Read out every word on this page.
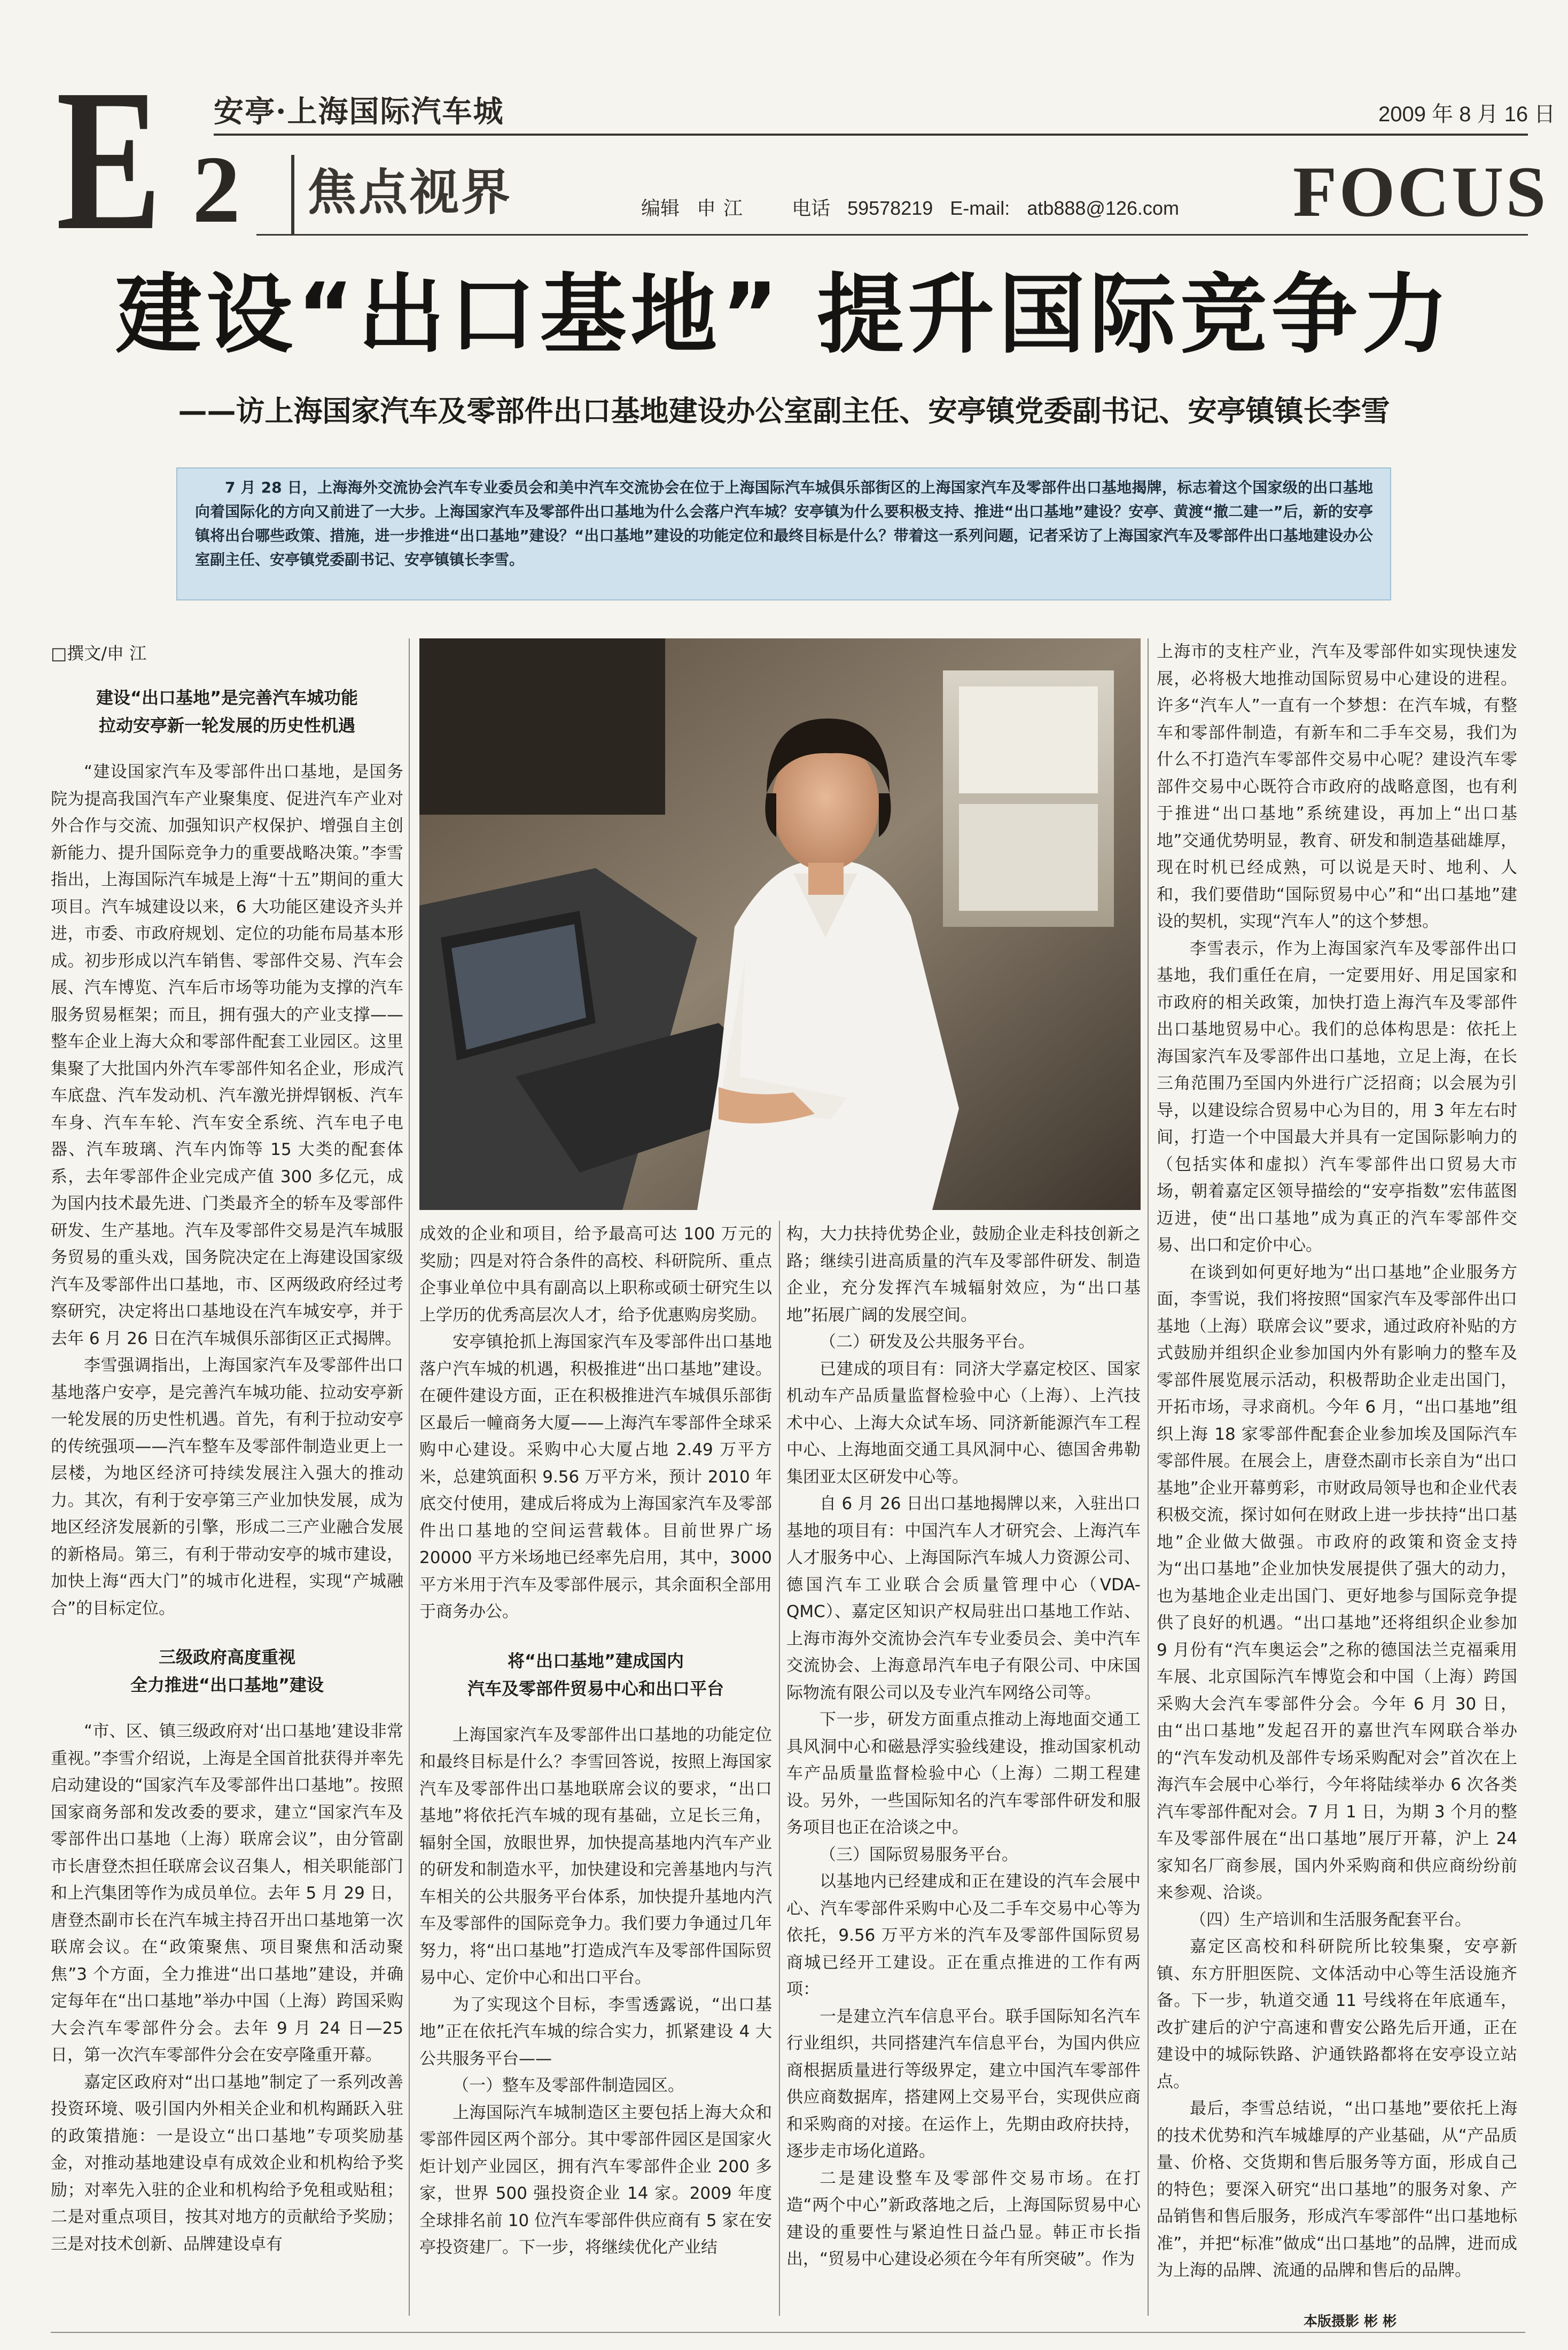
E 2
安亭·上海国际汽车城	2009 年 8 月 16 日
焦点视界	编辑 申 江	电话 59578219 E-mail: atb888@126.com FOCUS
建设“出口基地” 提升国际竞争力
——访上海国家汽车及零部件出口基地建设办公室副主任、安亭镇党委副书记、安亭镇镇长李雪
7 月 28 日，上海海外交流协会汽车专业委员会和美中汽车交流协会在位于上海国际汽车城俱乐部街区的上海国家汽车及零部件出口基地揭牌，标志着这个国家级的出口基地向着国际化的方向又前进了一大步。上海国家汽车及零部件出口基地为什么会落户汽车城？安亭镇为什么要积极支持、推进“出口基地”建设？安亭、黄渡“撤二建一”后，新的安亭镇将出台哪些政策、措施，进一步推进“出口基地”建设？“出口基地”建设的功能定位和最终目标是什么？带着这一系列问题，记者采访了上海国家汽车及零部件出口基地建设办公室副主任、安亭镇党委副书记、安亭镇镇长李雪。
□撰文/申 江
建设“出口基地”是完善汽车城功能
拉动安亭新一轮发展的历史性机遇

“建设国家汽车及零部件出口基地，是国务院为提高我国汽车产业聚集度、促进汽车产业对外合作与交流、加强知识产权保护、增强自主创新能力、提升国际竞争力的重要战略决策。”李雪指出，上海国际汽车城是上海“十五”期间的重大项目。汽车城建设以来，6 大功能区建设齐头并进，市委、市政府规划、定位的功能布局基本形成。初步形成以汽车销售、零部件交易、汽车会展、汽车博览、汽车后市场等功能为支撑的汽车服务贸易框架；而且，拥有强大的产业支撑——整车企业上海大众和零部件配套工业园区。这里集聚了大批国内外汽车零部件知名企业，形成汽车底盘、汽车发动机、汽车激光拼焊钢板、汽车车身、汽车车轮、汽车安全系统、汽车电子电器、汽车玻璃、汽车内饰等 15 大类的配套体系，去年零部件企业完成产值 300 多亿元，成为国内技术最先进、门类最齐全的轿车及零部件研发、生产基地。汽车及零部件交易是汽车城服务贸易的重头戏，国务院决定在上海建设国家级汽车及零部件出口基地，市、区两级政府经过考察研究，决定将出口基地设在汽车城安亭，并于去年 6 月 26 日在汽车城俱乐部街区正式揭牌。

李雪强调指出，上海国家汽车及零部件出口基地落户安亭，是完善汽车城功能、拉动安亭新一轮发展的历史性机遇。首先，有利于拉动安亭的传统强项——汽车整车及零部件制造业更上一层楼，为地区经济可持续发展注入强大的推动力。其次，有利于安亭第三产业加快发展，成为地区经济发展新的引擎，形成二三产业融合发展的新格局。第三，有利于带动安亭的城市建设，加快上海“西大门”的城市化进程，实现“产城融合”的目标定位。

三级政府高度重视
全力推进“出口基地”建设

“市、区、镇三级政府对‘出口基地’建设非常重视。”李雪介绍说，上海是全国首批获得并率先启动建设的“国家汽车及零部件出口基地”。按照国家商务部和发改委的要求，建立“国家汽车及零部件出口基地（上海）联席会议”，由分管副市长唐登杰担任联席会议召集人，相关职能部门和上汽集团等作为成员单位。去年 5 月 29 日，唐登杰副市长在汽车城主持召开出口基地第一次联席会议。在“政策聚焦、项目聚焦和活动聚焦”3 个方面，全力推进“出口基地”建设，并确定每年在“出口基地”举办中国（上海）跨国采购大会汽车零部件分会。去年 9 月 24 日—25 日，第一次汽车零部件分会在安亭隆重开幕。

嘉定区政府对“出口基地”制定了一系列改善投资环境、吸引国内外相关企业和机构踊跃入驻的政策措施：一是设立“出口基地”专项奖励基金，对推动基地建设卓有成效企业和机构给予奖励；对率先入驻的企业和机构给予免租或贴租；二是对重点项目，按其对地方的贡献给予奖励；三是对技术创新、品牌建设卓有

成效的企业和项目，给予最高可达 100 万元的奖励；四是对符合条件的高校、科研院所、重点企事业单位中具有副高以上职称或硕士研究生以上学历的优秀高层次人才，给予优惠购房奖励。

安亭镇抢抓上海国家汽车及零部件出口基地落户汽车城的机遇，积极推进“出口基地”建设。在硬件建设方面，正在积极推进汽车城俱乐部街区最后一幢商务大厦——上海汽车零部件全球采购中心建设。采购中心大厦占地 2.49 万平方米，总建筑面积 9.56 万平方米，预计 2010 年底交付使用，建成后将成为上海国家汽车及零部件出口基地的空间运营载体。目前世界广场 20000 平方米场地已经率先启用，其中，3000 平方米用于汽车及零部件展示，其余面积全部用于商务办公。

将“出口基地”建成国内
汽车及零部件贸易中心和出口平台

上海国家汽车及零部件出口基地的功能定位和最终目标是什么？李雪回答说，按照上海国家汽车及零部件出口基地联席会议的要求，“出口基地”将依托汽车城的现有基础，立足长三角，辐射全国，放眼世界，加快提高基地内汽车产业的研发和制造水平，加快建设和完善基地内与汽车相关的公共服务平台体系，加快提升基地内汽车及零部件的国际竞争力。我们要力争通过几年努力，将“出口基地”打造成汽车及零部件国际贸易中心、定价中心和出口平台。

为了实现这个目标，李雪透露说，“出口基地”正在依托汽车城的综合实力，抓紧建设 4 大公共服务平台——

（一）整车及零部件制造园区。

上海国际汽车城制造区主要包括上海大众和零部件园区两个部分。其中零部件园区是国家火炬计划产业园区，拥有汽车零部件企业 200 多家，世界 500 强投资企业 14 家。2009 年度全球排名前 10 位汽车零部件供应商有 5 家在安亭投资建厂。下一步，将继续优化产业结

构，大力扶持优势企业，鼓励企业走科技创新之路；继续引进高质量的汽车及零部件研发、制造企业，充分发挥汽车城辐射效应，为“出口基地”拓展广阔的发展空间。

（二）研发及公共服务平台。

已建成的项目有：同济大学嘉定校区、国家机动车产品质量监督检验中心（上海）、上汽技术中心、上海大众试车场、同济新能源汽车工程中心、上海地面交通工具风洞中心、德国舍弗勒集团亚太区研发中心等。

自 6 月 26 日出口基地揭牌以来，入驻出口基地的项目有：中国汽车人才研究会、上海汽车人才服务中心、上海国际汽车城人力资源公司、德国汽车工业联合会质量管理中心（VDA-QMC）、嘉定区知识产权局驻出口基地工作站、上海市海外交流协会汽车专业委员会、美中汽车交流协会、上海意昂汽车电子有限公司、中床国际物流有限公司以及专业汽车网络公司等。

下一步，研发方面重点推动上海地面交通工具风洞中心和磁悬浮实验线建设，推动国家机动车产品质量监督检验中心（上海）二期工程建设。另外，一些国际知名的汽车零部件研发和服务项目也正在洽谈之中。

（三）国际贸易服务平台。

以基地内已经建成和正在建设的汽车会展中心、汽车零部件采购中心及二手车交易中心等为依托，9.56 万平方米的汽车及零部件国际贸易商城已经开工建设。正在重点推进的工作有两项：

一是建立汽车信息平台。联手国际知名汽车行业组织，共同搭建汽车信息平台，为国内供应商根据质量进行等级界定，建立中国汽车零部件供应商数据库，搭建网上交易平台，实现供应商和采购商的对接。在运作上，先期由政府扶持，逐步走市场化道路。

二是建设整车及零部件交易市场。在打造“两个中心”新政落地之后，上海国际贸易中心建设的重要性与紧迫性日益凸显。韩正市长指出，“贸易中心建设必须在今年有所突破”。作为

上海市的支柱产业，汽车及零部件如实现快速发展，必将极大地推动国际贸易中心建设的进程。许多“汽车人”一直有一个梦想：在汽车城，有整车和零部件制造，有新车和二手车交易，我们为什么不打造汽车零部件交易中心呢？建设汽车零部件交易中心既符合市政府的战略意图，也有利于推进“出口基地”系统建设，再加上“出口基地”交通优势明显，教育、研发和制造基础雄厚，现在时机已经成熟，可以说是天时、地利、人和，我们要借助“国际贸易中心”和“出口基地”建设的契机，实现“汽车人”的这个梦想。

李雪表示，作为上海国家汽车及零部件出口基地，我们重任在肩，一定要用好、用足国家和市政府的相关政策，加快打造上海汽车及零部件出口基地贸易中心。我们的总体构思是：依托上海国家汽车及零部件出口基地，立足上海，在长三角范围乃至国内外进行广泛招商；以会展为引导，以建设综合贸易中心为目的，用 3 年左右时间，打造一个中国最大并具有一定国际影响力的（包括实体和虚拟）汽车零部件出口贸易大市场，朝着嘉定区领导描绘的“安亭指数”宏伟蓝图迈进，使“出口基地”成为真正的汽车零部件交易、出口和定价中心。

在谈到如何更好地为“出口基地”企业服务方面，李雪说，我们将按照“国家汽车及零部件出口基地（上海）联席会议”要求，通过政府补贴的方式鼓励并组织企业参加国内外有影响力的整车及零部件展览展示活动，积极帮助企业走出国门，开拓市场，寻求商机。今年 6 月，“出口基地”组织上海 18 家零部件配套企业参加埃及国际汽车零部件展。在展会上，唐登杰副市长亲自为“出口基地”企业开幕剪彩，市财政局领导也和企业代表积极交流，探讨如何在财政上进一步扶持“出口基地”企业做大做强。市政府的政策和资金支持为“出口基地”企业加快发展提供了强大的动力，也为基地企业走出国门、更好地参与国际竞争提供了良好的机遇。“出口基地”还将组织企业参加 9 月份有“汽车奥运会”之称的德国法兰克福乘用车展、北京国际汽车博览会和中国（上海）跨国采购大会汽车零部件分会。今年 6 月 30 日，由“出口基地”发起召开的嘉世汽车网联合举办的“汽车发动机及部件专场采购配对会”首次在上海汽车会展中心举行，今年将陆续举办 6 次各类汽车零部件配对会。7 月 1 日，为期 3 个月的整车及零部件展在“出口基地”展厅开幕，沪上 24 家知名厂商参展，国内外采购商和供应商纷纷前来参观、洽谈。

（四）生产培训和生活服务配套平台。

嘉定区高校和科研院所比较集聚，安亭新镇、东方肝胆医院、文体活动中心等生活设施齐备。下一步，轨道交通 11 号线将在年底通车，改扩建后的沪宁高速和曹安公路先后开通，正在建设中的城际铁路、沪通铁路都将在安亭设立站点。

最后，李雪总结说，“出口基地”要依托上海的技术优势和汽车城雄厚的产业基础，从“产品质量、价格、交货期和售后服务等方面，形成自己的特色；要深入研究“出口基地”的服务对象、产品销售和售后服务，形成汽车零部件“出口基地标准”，并把“标准”做成“出口基地”的品牌，进而成为上海的品牌、流通的品牌和售后的品牌。

本版摄影 彬 彬
